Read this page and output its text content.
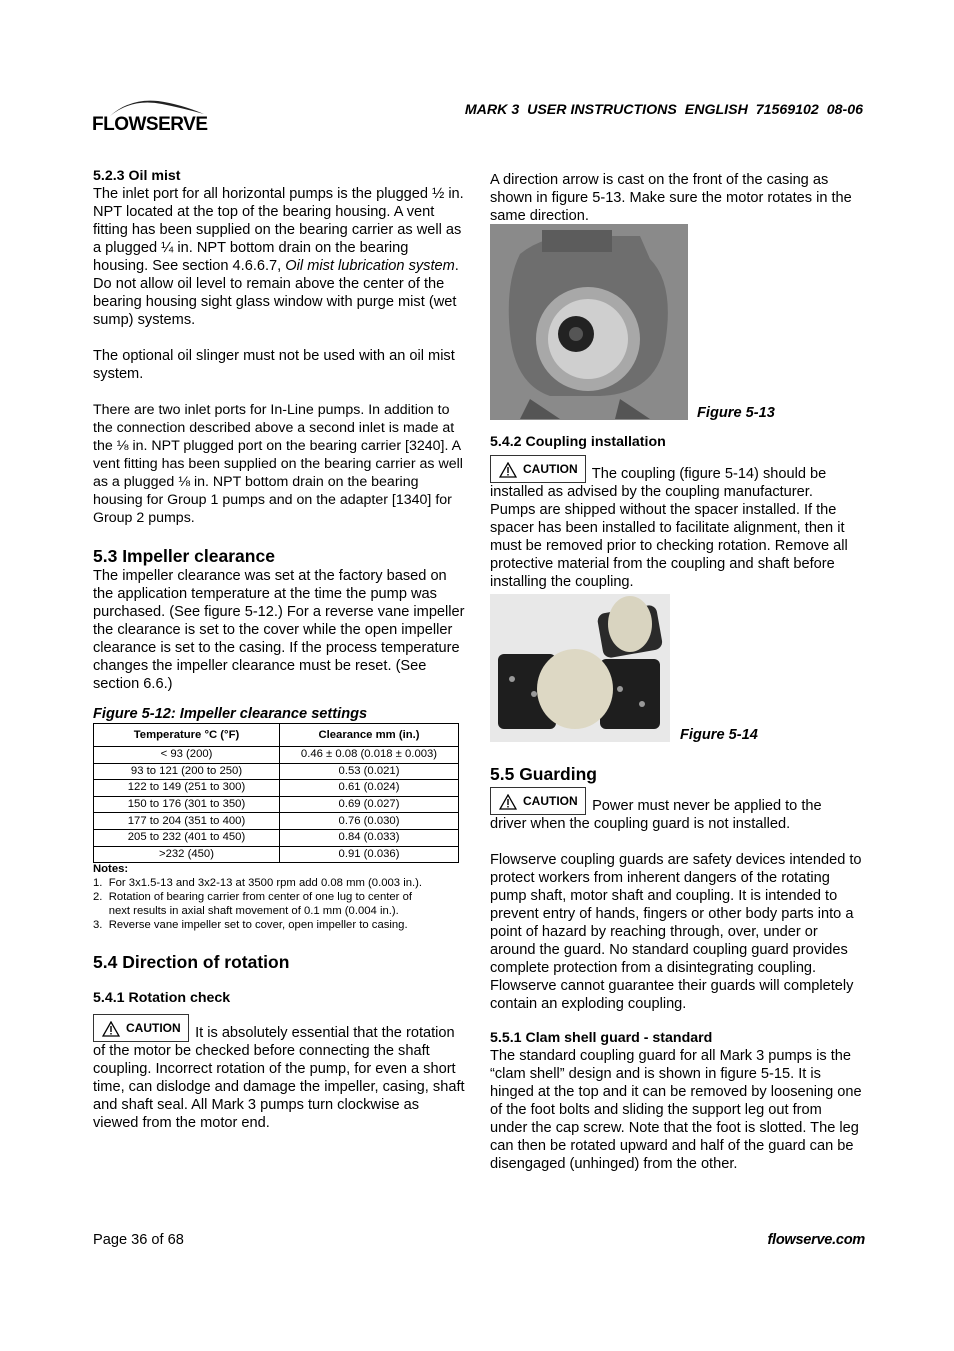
FLOWSERVE
MARK 3  USER INSTRUCTIONS  ENGLISH  71569102  08-06

5.2.3 Oil mist

The inlet port for all horizontal pumps is the plugged ½ in. NPT located at the top of the bearing housing. A vent fitting has been supplied on the bearing carrier as well as a plugged ¼ in. NPT bottom drain on the bearing housing. See section 4.6.6.7, Oil mist lubrication system. Do not allow oil level to remain above the center of the bearing housing sight glass window with purge mist (wet sump) systems.

The optional oil slinger must not be used with an oil mist system.

There are two inlet ports for In-Line pumps. In addition to the connection described above a second inlet is made at the ⅛ in. NPT plugged port on the bearing carrier [3240]. A vent fitting has been supplied on the bearing carrier as well as a plugged ⅛ in. NPT bottom drain on the bearing housing for Group 1 pumps and on the adapter [1340] for Group 2 pumps.

5.3 Impeller clearance

The impeller clearance was set at the factory based on the application temperature at the time the pump was purchased. (See figure 5-12.) For a reverse vane impeller the clearance is set to the cover while the open impeller clearance is set to the casing. If the process temperature changes the impeller clearance must be reset. (See section 6.6.)

Figure 5-12: Impeller clearance settings
Temperature °C (°F)	Clearance mm (in.)
< 93 (200)	0.46 ± 0.08 (0.018 ± 0.003)
93 to 121 (200 to 250)	0.53 (0.021)
122 to 149 (251 to 300)	0.61 (0.024)
150 to 176 (301 to 350)	0.69 (0.027)
177 to 204 (351 to 400)	0.76 (0.030)
205 to 232 (401 to 450)	0.84 (0.033)
>232 (450)	0.91 (0.036)
Notes:
1.  For 3x1.5-13 and 3x2-13 at 3500 rpm add 0.08 mm (0.003 in.).
2.  Rotation of bearing carrier from center of one lug to center of
next results in axial shaft movement of 0.1 mm (0.004 in.).
3.  Reverse vane impeller set to cover, open impeller to casing.

5.4 Direction of rotation

5.4.1 Rotation check

CAUTION It is absolutely essential that the rotation of the motor be checked before connecting the shaft coupling. Incorrect rotation of the pump, for even a short time, can dislodge and damage the impeller, casing, shaft and shaft seal. All Mark 3 pumps turn clockwise as viewed from the motor end.

A direction arrow is cast on the front of the casing as shown in figure 5-13. Make sure the motor rotates in the same direction.
Figure 5-13

5.4.2 Coupling installation

CAUTION The coupling (figure 5-14) should be installed as advised by the coupling manufacturer. Pumps are shipped without the spacer installed. If the spacer has been installed to facilitate alignment, then it must be removed prior to checking rotation. Remove all protective material from the coupling and shaft before installing the coupling.

Figure 5-14

5.5 Guarding

CAUTION Power must never be applied to the driver when the coupling guard is not installed.

Flowserve coupling guards are safety devices intended to protect workers from inherent dangers of the rotating pump shaft, motor shaft and coupling. It is intended to prevent entry of hands, fingers or other body parts into a point of hazard by reaching through, over, under or around the guard. No standard coupling guard provides complete protection from a disintegrating coupling. Flowserve cannot guarantee their guards will completely contain an exploding coupling.

5.5.1 Clam shell guard - standard

The standard coupling guard for all Mark 3 pumps is the “clam shell” design and is shown in figure 5-15. It is hinged at the top and it can be removed by loosening one of the foot bolts and sliding the support leg out from under the cap screw. Note that the foot is slotted. The leg can then be rotated upward and half of the guard can be disengaged (unhinged) from the other.

Page 36 of 68	flowserve.com
